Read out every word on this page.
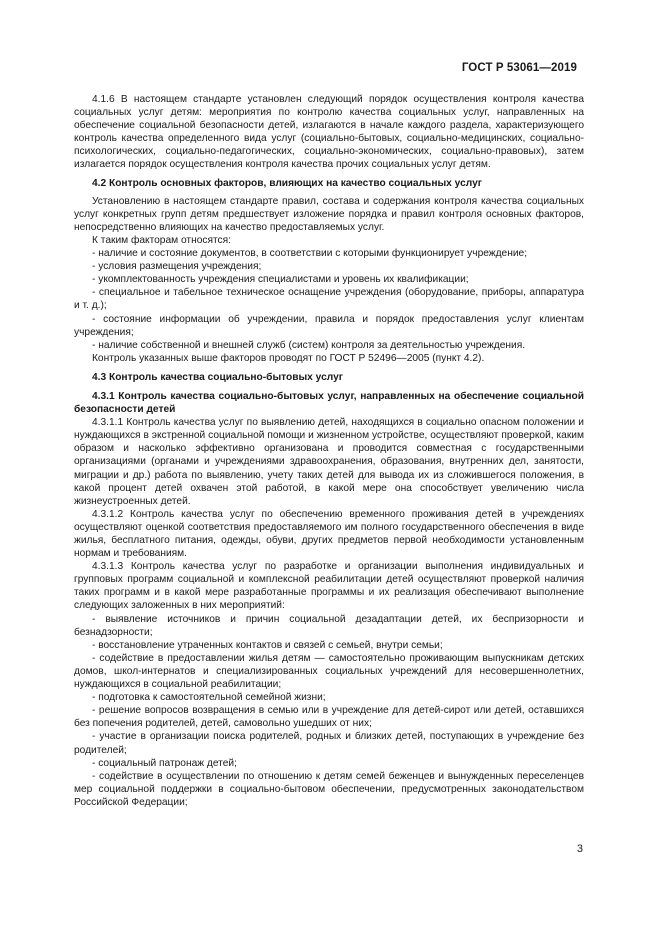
ГОСТ Р 53061—2019

4.1.6 В настоящем стандарте установлен следующий порядок осуществления контроля качества социальных услуг детям: мероприятия по контролю качества социальных услуг, направленных на обеспечение социальной безопасности детей, излагаются в начале каждого раздела, характеризующего контроль качества определенного вида услуг (социально-бытовых, социально-медицинских, социально-психологических, социально-педагогических, социально-экономических, социально-правовых), затем излагается порядок осуществления контроля качества прочих социальных услуг детям.

4.2 Контроль основных факторов, влияющих на качество социальных услуг

Установлению в настоящем стандарте правил, состава и содержания контроля качества социальных услуг конкретных групп детям предшествует изложение порядка и правил контроля основных факторов, непосредственно влияющих на качество предоставляемых услуг.

К таким факторам относятся:

- наличие и состояние документов, в соответствии с которыми функционирует учреждение;

- условия размещения учреждения;

- укомплектованность учреждения специалистами и уровень их квалификации;

- специальное и табельное техническое оснащение учреждения (оборудование, приборы, аппаратура и т. д.);

- состояние информации об учреждении, правила и порядок предоставления услуг клиентам учреждения;

- наличие собственной и внешней служб (систем) контроля за деятельностью учреждения.

Контроль указанных выше факторов проводят по ГОСТ Р 52496—2005 (пункт 4.2).

4.3 Контроль качества социально-бытовых услуг

4.3.1 Контроль качества социально-бытовых услуг, направленных на обеспечение социальной безопасности детей

4.3.1.1 Контроль качества услуг по выявлению детей, находящихся в социально опасном положении и нуждающихся в экстренной социальной помощи и жизненном устройстве, осуществляют проверкой, каким образом и насколько эффективно организована и проводится совместная с государственными организациями (органами и учреждениями здравоохранения, образования, внутренних дел, занятости, миграции и др.) работа по выявлению, учету таких детей для вывода их из сложившегося положения, в какой процент детей охвачен этой работой, в какой мере она способствует увеличению числа жизнеустроенных детей.

4.3.1.2 Контроль качества услуг по обеспечению временного проживания детей в учреждениях осуществляют оценкой соответствия предоставляемого им полного государственного обеспечения в виде жилья, бесплатного питания, одежды, обуви, других предметов первой необходимости установленным нормам и требованиям.

4.3.1.3 Контроль качества услуг по разработке и организации выполнения индивидуальных и групповых программ социальной и комплексной реабилитации детей осуществляют проверкой наличия таких программ и в какой мере разработанные программы и их реализация обеспечивают выполнение следующих заложенных в них мероприятий:

- выявление источников и причин социальной дезадаптации детей, их беспризорности и безнадзорности;

- восстановление утраченных контактов и связей с семьей, внутри семьи;

- содействие в предоставлении жилья детям — самостоятельно проживающим выпускникам детских домов, школ-интернатов и специализированных социальных учреждений для несовершеннолетних, нуждающихся в социальной реабилитации;

- подготовка к самостоятельной семейной жизни;

- решение вопросов возвращения в семью или в учреждение для детей-сирот или детей, оставшихся без попечения родителей, детей, самовольно ушедших от них;

- участие в организации поиска родителей, родных и близких детей, поступающих в учреждение без родителей;

- социальный патронаж детей;

- содействие в осуществлении по отношению к детям семей беженцев и вынужденных переселенцев мер социальной поддержки в социально-бытовом обеспечении, предусмотренных законодательством Российской Федерации;

3
